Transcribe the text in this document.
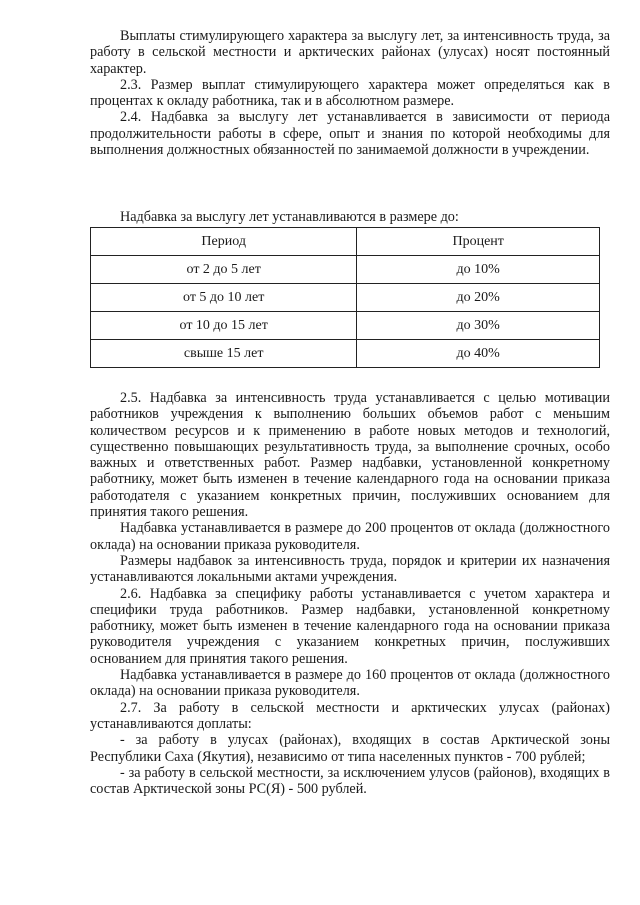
Выплаты стимулирующего характера за выслугу лет, за интенсивность труда, за работу в сельской местности и арктических районах (улусах) носят постоянный характер.

2.3. Размер выплат стимулирующего характера может определяться как в процентах к окладу работника, так и в абсолютном размере.

2.4. Надбавка за выслугу лет устанавливается в зависимости от периода продолжительности работы в сфере, опыт и знания по которой необходимы для выполнения должностных обязанностей по занимаемой должности в учреждении.

Надбавка за выслугу лет устанавливаются в размере до:
Период	Процент
от 2 до 5 лет	до 10%
от 5 до 10 лет	до 20%
от 10 до 15 лет	до 30%
свыше 15 лет	до 40%

2.5. Надбавка за интенсивность труда устанавливается с целью мотивации работников учреждения к выполнению больших объемов работ с меньшим количеством ресурсов и к применению в работе новых методов и технологий, существенно повышающих результативность труда, за выполнение срочных, особо важных и ответственных работ. Размер надбавки, установленной конкретному работнику, может быть изменен в течение календарного года на основании приказа работодателя с указанием конкретных причин, послуживших основанием для принятия такого решения.

Надбавка устанавливается в размере до 200 процентов от оклада (должностного оклада) на основании приказа руководителя.

Размеры надбавок за интенсивность труда, порядок и критерии их назначения устанавливаются локальными актами учреждения.

2.6. Надбавка за специфику работы устанавливается с учетом характера и специфики труда работников. Размер надбавки, установленной конкретному работнику, может быть изменен в течение календарного года на основании приказа руководителя учреждения с указанием конкретных причин, послуживших основанием для принятия такого решения.

Надбавка устанавливается в размере до 160 процентов от оклада (должностного оклада) на основании приказа руководителя.

2.7. За работу в сельской местности и арктических улусах (районах) устанавливаются доплаты:

- за работу в улусах (районах), входящих в состав Арктической зоны Республики Саха (Якутия), независимо от типа населенных пунктов - 700 рублей;

- за работу в сельской местности, за исключением улусов (районов), входящих в состав Арктической зоны РС(Я) - 500 рублей.
